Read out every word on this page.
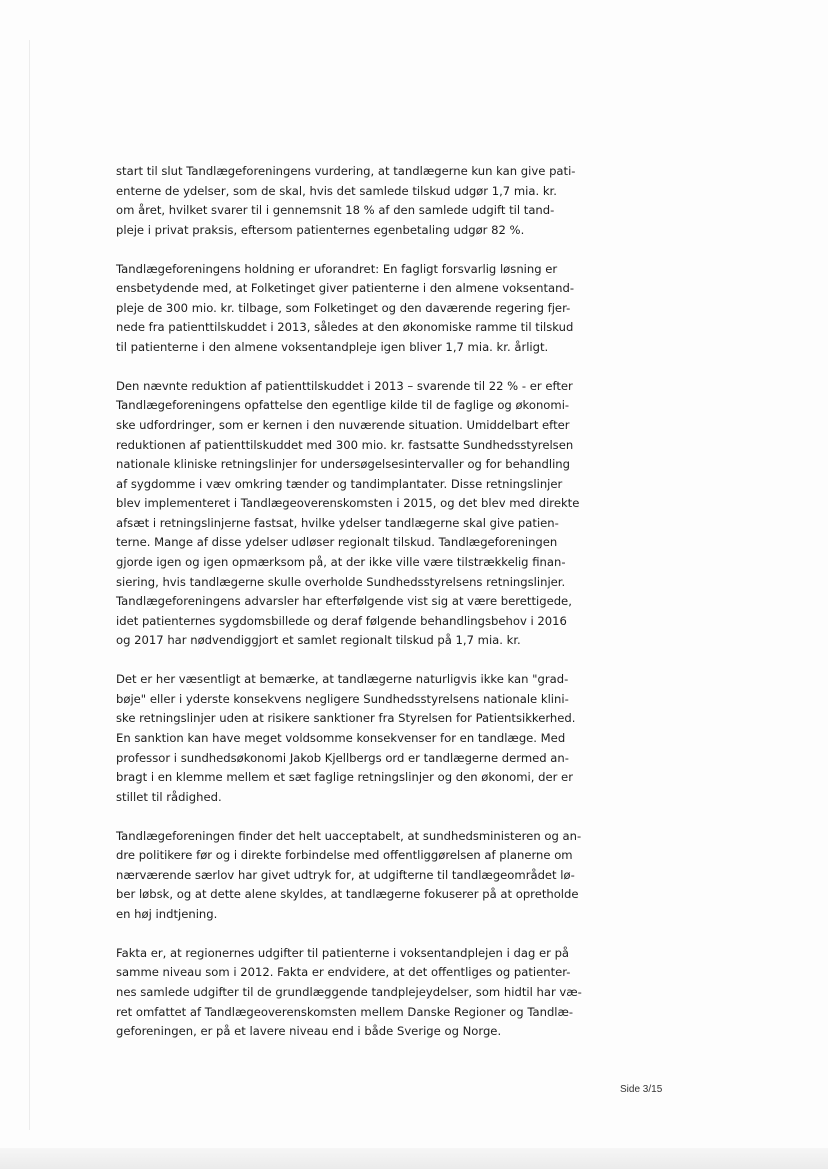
start til slut Tandlægeforeningens vurdering, at tandlægerne kun kan give pati-
enterne de ydelser, som de skal, hvis det samlede tilskud udgør 1,7 mia. kr.
om året, hvilket svarer til i gennemsnit 18 % af den samlede udgift til tand-
pleje i privat praksis, eftersom patienternes egenbetaling udgør 82 %.

Tandlægeforeningens holdning er uforandret: En fagligt forsvarlig løsning er
ensbetydende med, at Folketinget giver patienterne i den almene voksentand-
pleje de 300 mio. kr. tilbage, som Folketinget og den daværende regering fjer-
nede fra patienttilskuddet i 2013, således at den økonomiske ramme til tilskud
til patienterne i den almene voksentandpleje igen bliver 1,7 mia. kr. årligt.

Den nævnte reduktion af patienttilskuddet i 2013 – svarende til 22 % - er efter
Tandlægeforeningens opfattelse den egentlige kilde til de faglige og økonomi-
ske udfordringer, som er kernen i den nuværende situation. Umiddelbart efter
reduktionen af patienttilskuddet med 300 mio. kr. fastsatte Sundhedsstyrelsen
nationale kliniske retningslinjer for undersøgelsesintervaller og for behandling
af sygdomme i væv omkring tænder og tandimplantater. Disse retningslinjer
blev implementeret i Tandlægeoverenskomsten i 2015, og det blev med direkte
afsæt i retningslinjerne fastsat, hvilke ydelser tandlægerne skal give patien-
terne. Mange af disse ydelser udløser regionalt tilskud. Tandlægeforeningen
gjorde igen og igen opmærksom på, at der ikke ville være tilstrækkelig finan-
siering, hvis tandlægerne skulle overholde Sundhedsstyrelsens retningslinjer.
Tandlægeforeningens advarsler har efterfølgende vist sig at være berettigede,
idet patienternes sygdomsbillede og deraf følgende behandlingsbehov i 2016
og 2017 har nødvendiggjort et samlet regionalt tilskud på 1,7 mia. kr.

Det er her væsentligt at bemærke, at tandlægerne naturligvis ikke kan "grad-
bøje" eller i yderste konsekvens negligere Sundhedsstyrelsens nationale klini-
ske retningslinjer uden at risikere sanktioner fra Styrelsen for Patientsikkerhed.
En sanktion kan have meget voldsomme konsekvenser for en tandlæge. Med
professor i sundhedsøkonomi Jakob Kjellbergs ord er tandlægerne dermed an-
bragt i en klemme mellem et sæt faglige retningslinjer og den økonomi, der er
stillet til rådighed.

Tandlægeforeningen finder det helt uacceptabelt, at sundhedsministeren og an-
dre politikere før og i direkte forbindelse med offentliggørelsen af planerne om
nærværende særlov har givet udtryk for, at udgifterne til tandlægeområdet lø-
ber løbsk, og at dette alene skyldes, at tandlægerne fokuserer på at opretholde
en høj indtjening.

Fakta er, at regionernes udgifter til patienterne i voksentandplejen i dag er på
samme niveau som i 2012. Fakta er endvidere, at det offentliges og patienter-
nes samlede udgifter til de grundlæggende tandplejeydelser, som hidtil har væ-
ret omfattet af Tandlægeoverenskomsten mellem Danske Regioner og Tandlæ-
geforeningen, er på et lavere niveau end i både Sverige og Norge.

Side 3/15
